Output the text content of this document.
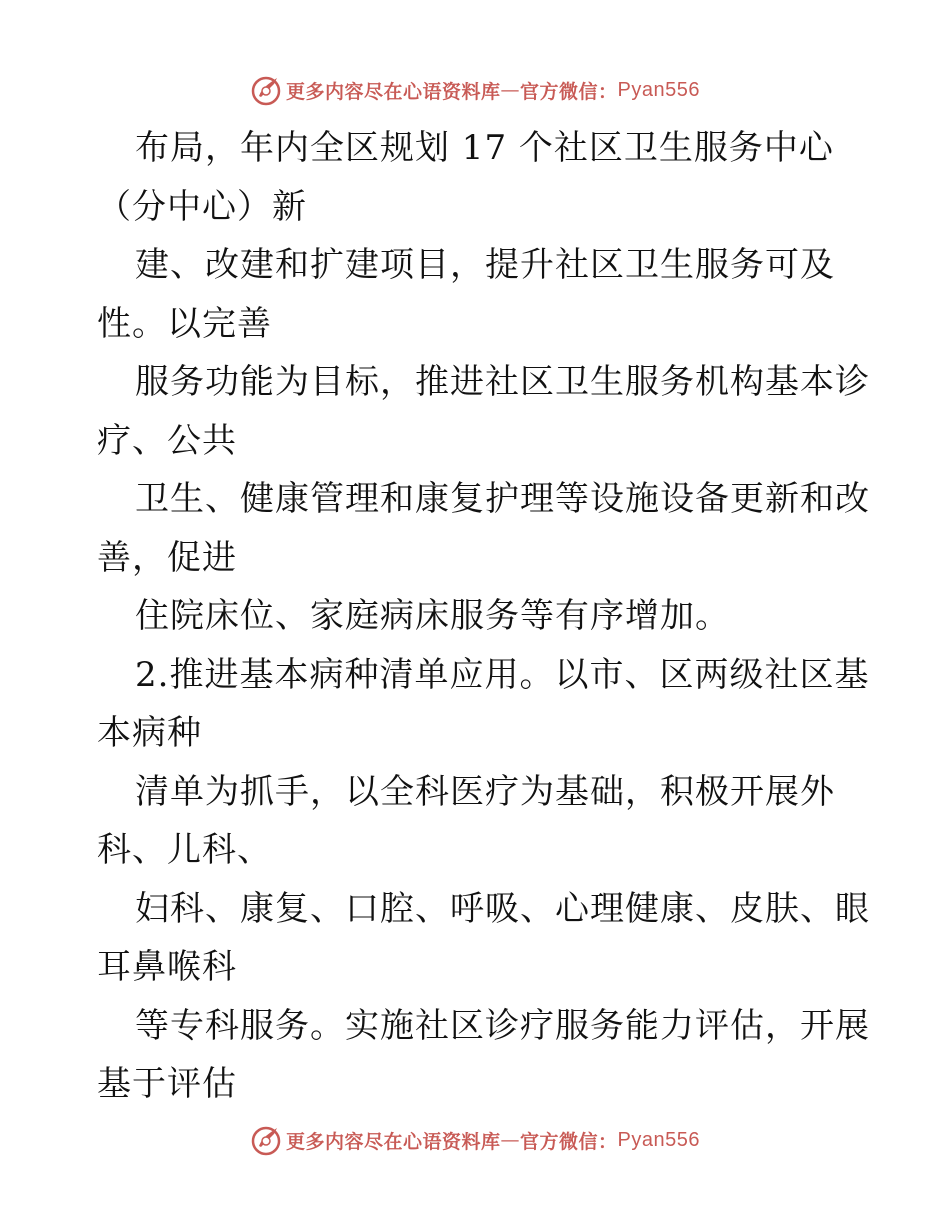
更多内容尽在心语资料库 — 官方微信： Pyan556
布局，年内全区规划 17 个社区卫生服务中心
（分中心）新
建、改建和扩建项目，提升社区卫生服务可及
性。以完善
服务功能为目标，推进社区卫生服务机构基本诊
疗、公共
卫生、健康管理和康复护理等设施设备更新和改
善，促进
住院床位、家庭病床服务等有序增加。
2.推进基本病种清单应用。以市、区两级社区基
本病种
清单为抓手，以全科医疗为基础，积极开展外
科、儿科、
妇科、康复、口腔、呼吸、心理健康、皮肤、眼
耳鼻喉科
等专科服务。实施社区诊疗服务能力评估，开展
基于评估
更多内容尽在心语资料库 — 官方微信： Pyan556
